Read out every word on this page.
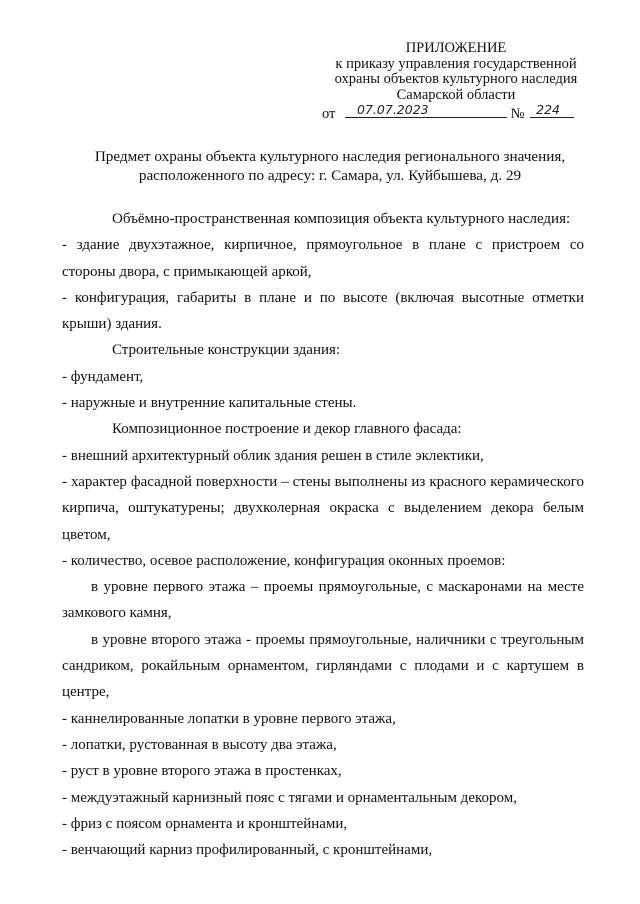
ПРИЛОЖЕНИЕ
к приказу управления государственной
охраны объектов культурного наследия
Самарской области
от 07.07.2023	№ 224
Предмет охраны объекта культурного наследия регионального значения,
расположенного по адресу: г. Самара, ул. Куйбышева, д. 29

Объёмно-пространственная композиция объекта культурного наследия:

- здание двухэтажное, кирпичное, прямоугольное в плане с пристроем со стороны двора, с примыкающей аркой,

- конфигурация, габариты в плане и по высоте (включая высотные отметки крыши) здания.

Строительные конструкции здания:

- фундамент,

- наружные и внутренние капитальные стены.

Композиционное построение и декор главного фасада:

- внешний архитектурный облик здания решен в стиле эклектики,

- характер фасадной поверхности – стены выполнены из красного керамического кирпича, оштукатурены; двухколерная окраска с выделением декора белым цветом,

- количество, осевое расположение, конфигурация оконных проемов:

в уровне первого этажа – проемы прямоугольные, с маскаронами на месте замкового камня,

в уровне второго этажа - проемы прямоугольные, наличники с треугольным сандриком, рокайльным орнаментом, гирляндами с плодами и с картушем в центре,

- каннелированные лопатки в уровне первого этажа,

- лопатки, рустованная в высоту два этажа,

- руст в уровне второго этажа в простенках,

- междуэтажный карнизный пояс с тягами и орнаментальным декором,

- фриз с поясом орнамента и кронштейнами,

- венчающий карниз профилированный, с кронштейнами,
